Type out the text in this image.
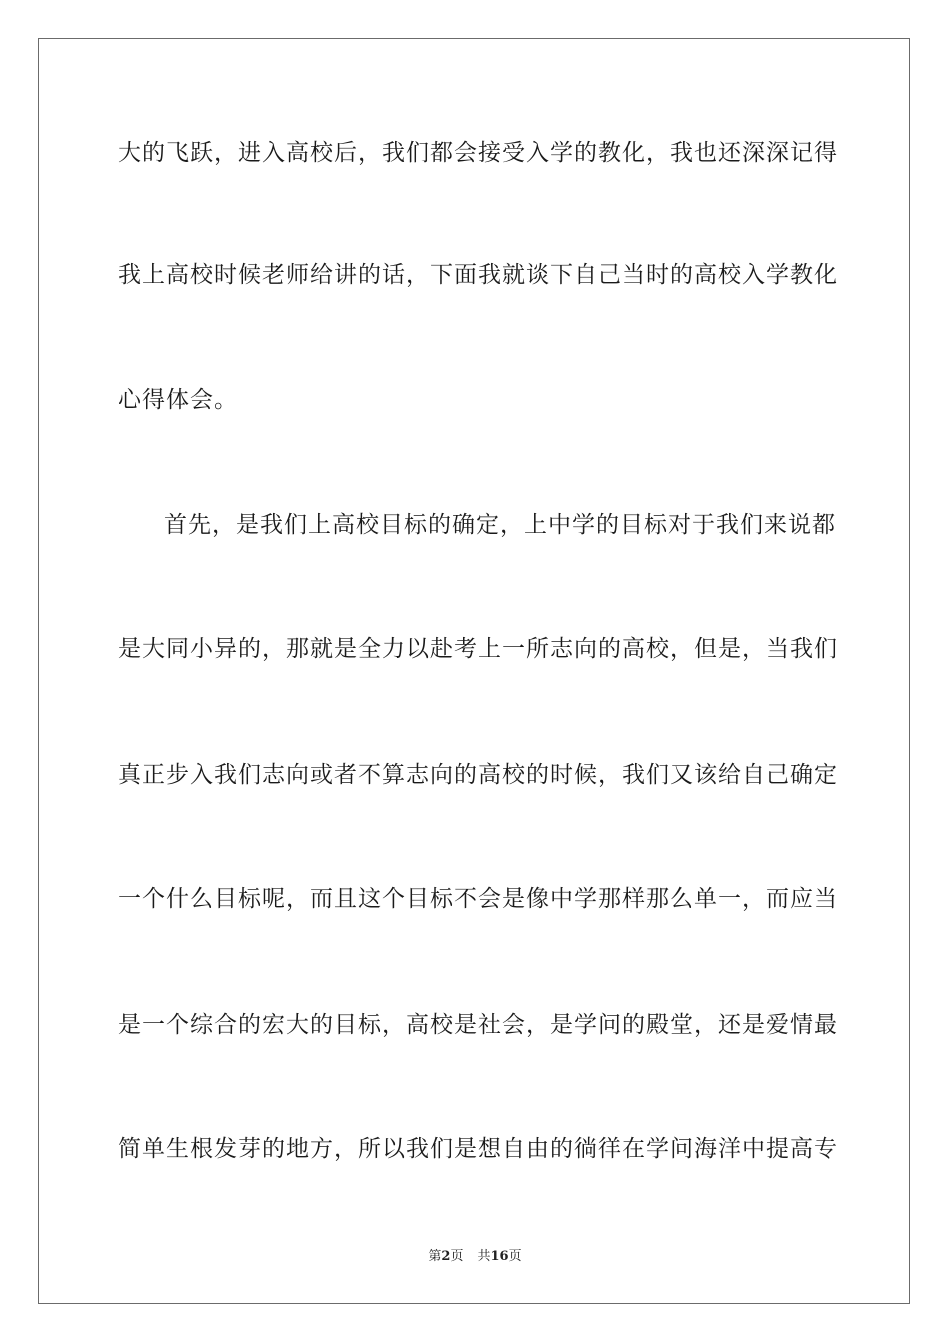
大的飞跃，进入高校后，我们都会接受入学的教化，我也还深深记得
我上高校时候老师给讲的话，下面我就谈下自己当时的高校入学教化
心得体会。
首先，是我们上高校目标的确定，上中学的目标对于我们来说都
是大同小异的，那就是全力以赴考上一所志向的高校，但是，当我们
真正步入我们志向或者不算志向的高校的时候，我们又该给自己确定
一个什么目标呢，而且这个目标不会是像中学那样那么单一，而应当
是一个综合的宏大的目标，高校是社会，是学问的殿堂，还是爱情最
简单生根发芽的地方，所以我们是想自由的徜徉在学问海洋中提高专
第2页 共16页
